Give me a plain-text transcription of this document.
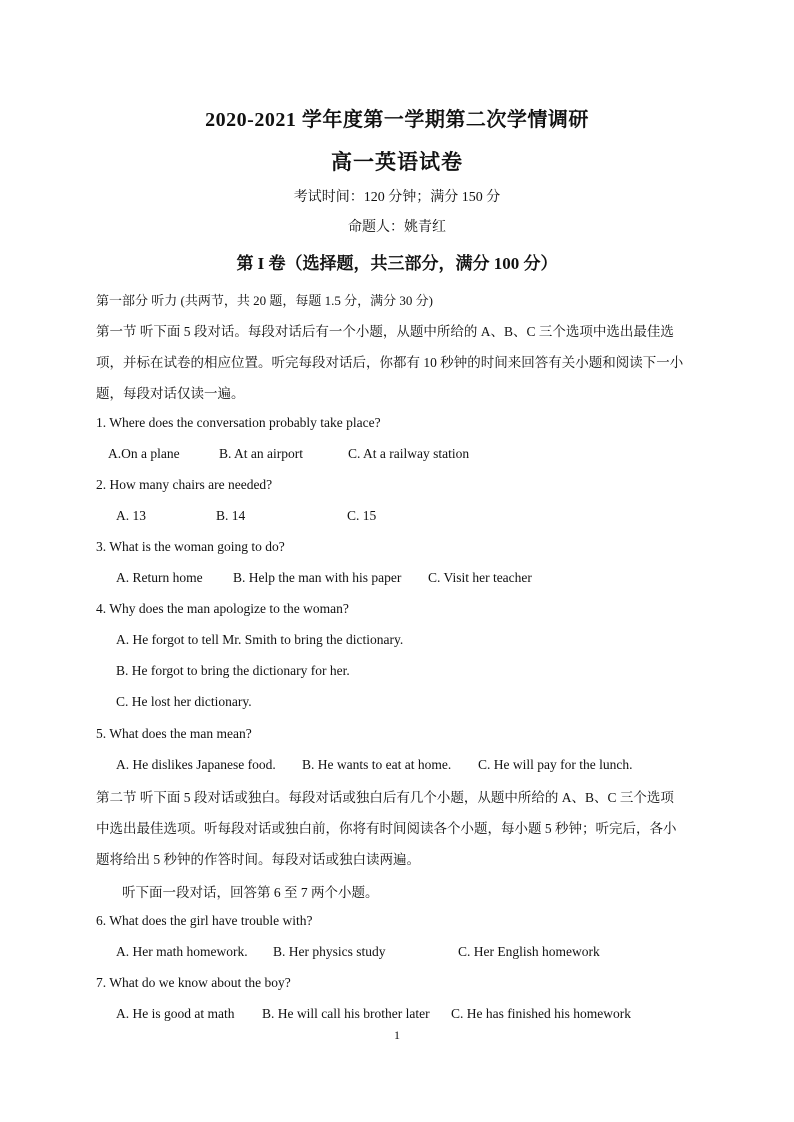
2020-2021 学年度第一学期第二次学情调研
高一英语试卷
考试时间：120 分钟；满分 150 分
命题人：姚青红
第 I 卷（选择题，共三部分，满分 100 分）
第一部分 听力 (共两节，共 20 题，每题 1.5 分，满分 30 分)
第一节 听下面 5 段对话。每段对话后有一个小题，从题中所给的 A、B、C 三个选项中选出最佳选
项，并标在试卷的相应位置。听完每段对话后，你都有 10 秒钟的时间来回答有关小题和阅读下一小
题，每段对话仅读一遍。
1. Where does the conversation probably take place?
A.On a plane	B. At an airport	C. At a railway station
2. How many chairs are needed?
A. 13	B. 14	C. 15
3. What is the woman going to do?
A. Return home B. Help the man with his paper C. Visit her teacher
4. Why does the man apologize to the woman?
A. He forgot to tell Mr. Smith to bring the dictionary.
B. He forgot to bring the dictionary for her.
C. He lost her dictionary.
5. What does the man mean?
A. He dislikes Japanese food. B. He wants to eat at home. C. He will pay for the lunch.
第二节 听下面 5 段对话或独白。每段对话或独白后有几个小题，从题中所给的 A、B、C 三个选项
中选出最佳选项。听每段对话或独白前，你将有时间阅读各个小题，每小题 5 秒钟；听完后，各小
题将给出 5 秒钟的作答时间。每段对话或独白读两遍。
听下面一段对话，回答第 6 至 7 两个小题。
6. What does the girl have trouble with?
A. Her math homework. B. Her physics study	C. Her English homework
7. What do we know about the boy?
A. He is good at math B. He will call his brother later C. He has finished his homework
1
